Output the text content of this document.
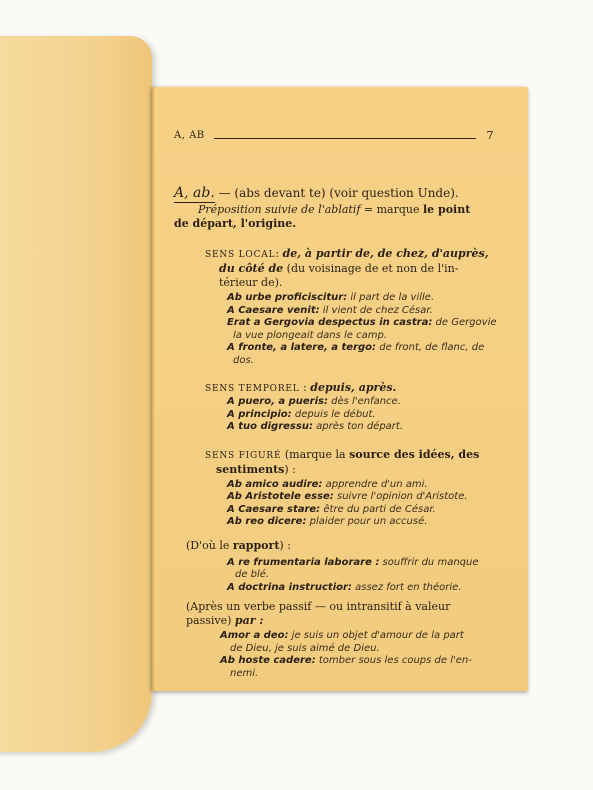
A, AB	7
A, ab. — (abs devant te) (voir question Unde).
Préposition suivie de l'ablatif = marque le point
de départ, l'origine.
SENS LOCAL: de, à partir de, de chez, d'auprès,
du côté de (du voisinage de et non de l'in-
térieur de).
Ab urbe proficiscitur: il part de la ville.
A Caesare venit: il vient de chez César.
Erat a Gergovia despectus in castra: de Gergovie
la vue plongeait dans le camp.
A fronte, a latere, a tergo: de front, de flanc, de
dos.
SENS TEMPOREL : depuis, après.
A puero, a pueris: dès l'enfance.
A principio: depuis le début.
A tuo digressu: après ton départ.
SENS FIGURÉ (marque la source des idées, des
sentiments) :
Ab amico audire: apprendre d'un ami.
Ab Aristotele esse: suivre l'opinion d'Aristote.
A Caesare stare: être du parti de César.
Ab reo dicere: plaider pour un accusé.
(D'où le rapport) :
A re frumentaria laborare : souffrir du manque
de blé.
A doctrina instructior: assez fort en théorie.
(Après un verbe passif — ou intransitif à valeur
passive) par :
Amor a deo: je suis un objet d'amour de la part
de Dieu, je suis aimé de Dieu.
Ab hoste cadere: tomber sous les coups de l'en-
nemi.
